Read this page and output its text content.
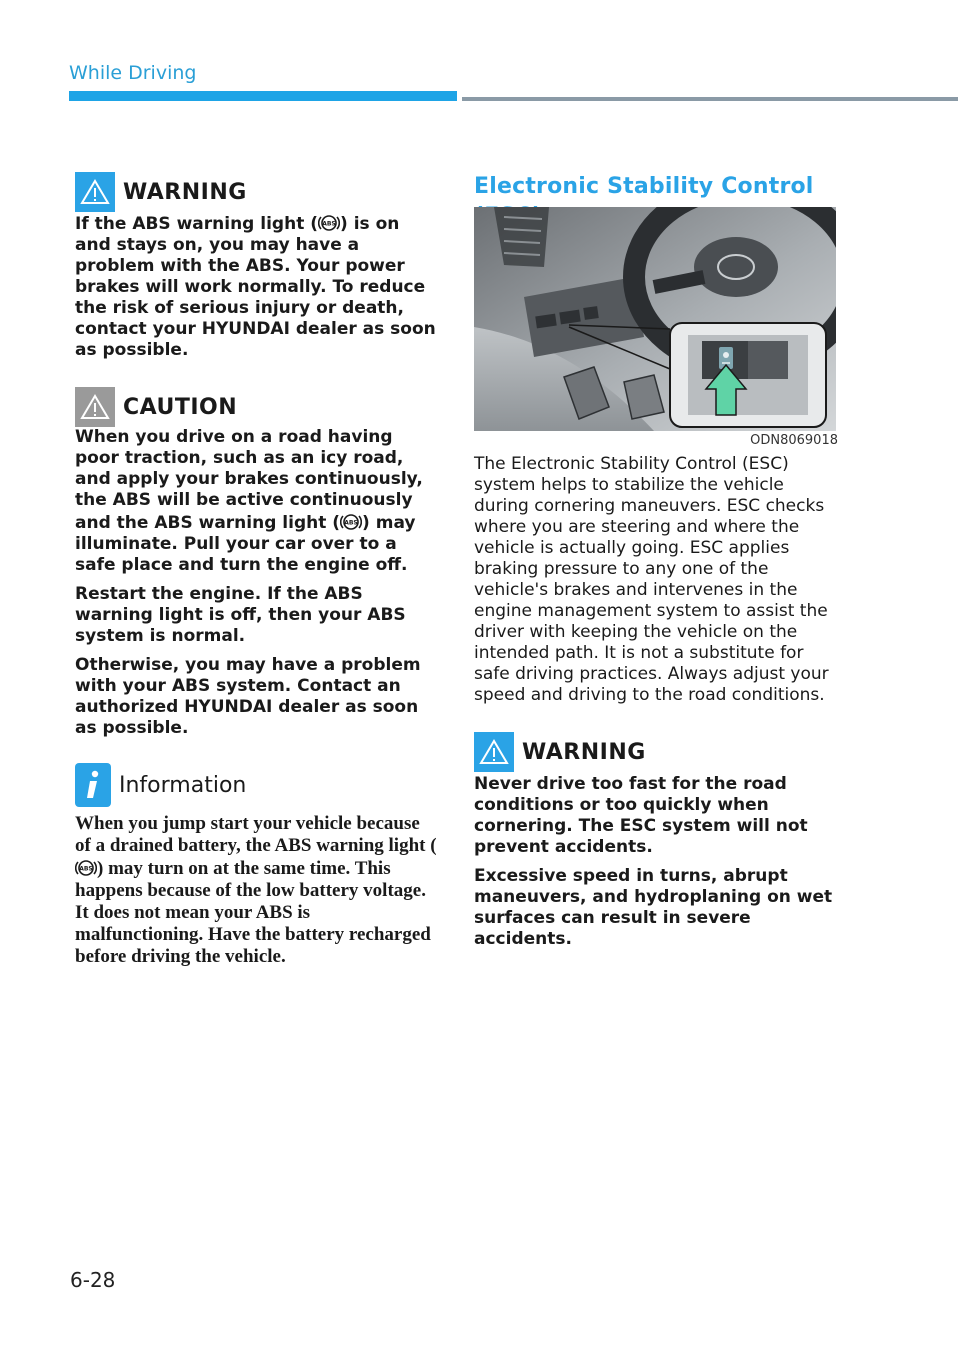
While Driving
WARNING

If the ABS warning light ( ABS ) is on and stays on, you may have a problem with the ABS. Your power brakes will work normally. To reduce the risk of serious injury or death, contact your HYUNDAI dealer as soon as possible.

CAUTION

When you drive on a road having poor traction, such as an icy road, and apply your brakes continuously, the ABS will be active continuously and the ABS warning light ( ABS ) may illuminate. Pull your car over to a safe place and turn the engine off.

Restart the engine. If the ABS warning light is off, then your ABS system is normal.

Otherwise, you may have a problem with your ABS system. Contact an authorized HYUNDAI dealer as soon as possible.

Information

When you jump start your vehicle because of a drained battery, the ABS warning light (
ABS ) may turn on at the same time. This happens because of the low battery voltage. It does not mean your ABS is malfunctioning. Have the battery recharged before driving the vehicle.

Electronic Stability Control
ODN8069018

The Electronic Stability Control (ESC) system helps to stabilize the vehicle during cornering maneuvers. ESC checks where you are steering and where the vehicle is actually going. ESC applies braking pressure to any one of the vehicle's brakes and intervenes in the engine management system to assist the driver with keeping the vehicle on the intended path. It is not a substitute for safe driving practices. Always adjust your speed and driving to the road conditions.

WARNING

Never drive too fast for the road conditions or too quickly when cornering. The ESC system will not prevent accidents.

Excessive speed in turns, abrupt maneuvers, and hydroplaning on wet surfaces can result in severe accidents.

6-28
